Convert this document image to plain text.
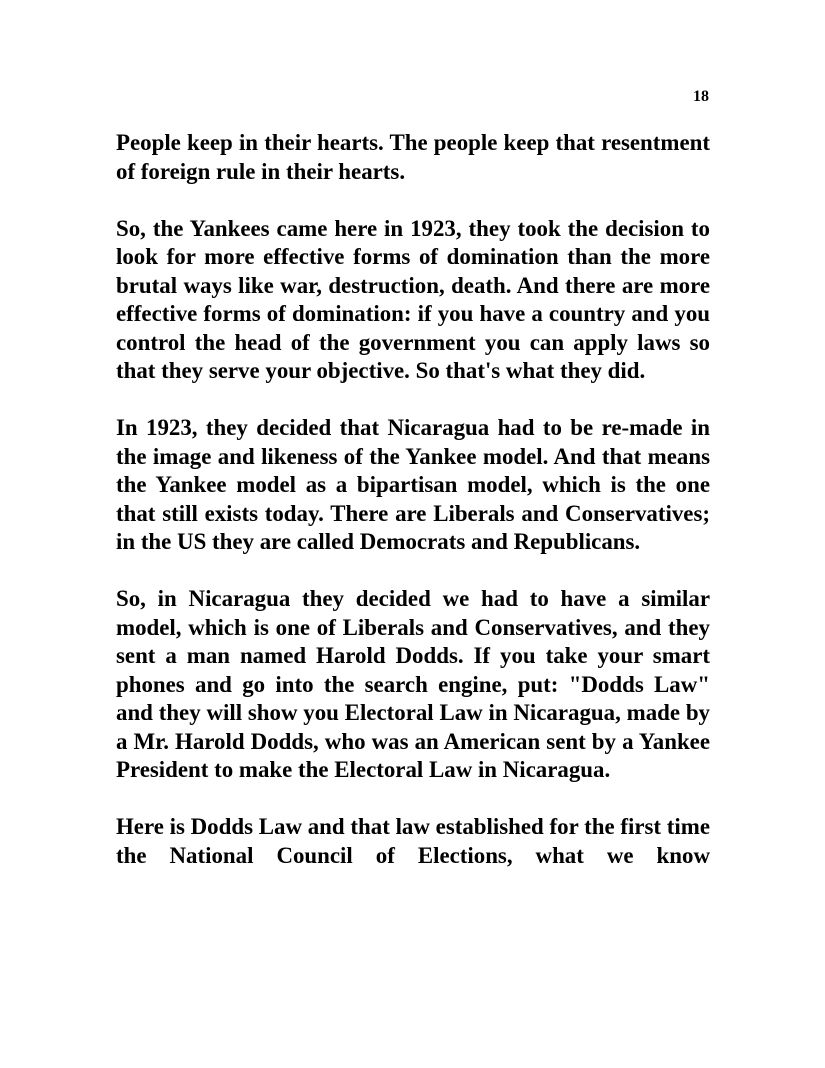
18

People keep in their hearts. The people keep that resentment of foreign rule in their hearts.

So, the Yankees came here in 1923, they took the decision to look for more effective forms of domination than the more brutal ways like war, destruction, death. And there are more effective forms of domination: if you have a country and you control the head of the government you can apply laws so that they serve your objective. So that's what they did.

In 1923, they decided that Nicaragua had to be re-made in the image and likeness of the Yankee model. And that means the Yankee model as a bipartisan model, which is the one that still exists today. There are Liberals and Conservatives; in the US they are called Democrats and Republicans.

So, in Nicaragua they decided we had to have a similar model, which is one of Liberals and Conservatives, and they sent a man named Harold Dodds. If you take your smart phones and go into the search engine, put: "Dodds Law" and they will show you Electoral Law in Nicaragua, made by a Mr. Harold Dodds, who was an American sent by a Yankee President to make the Electoral Law in Nicaragua.

Here is Dodds Law and that law established for the first time the National Council of Elections, what we know
